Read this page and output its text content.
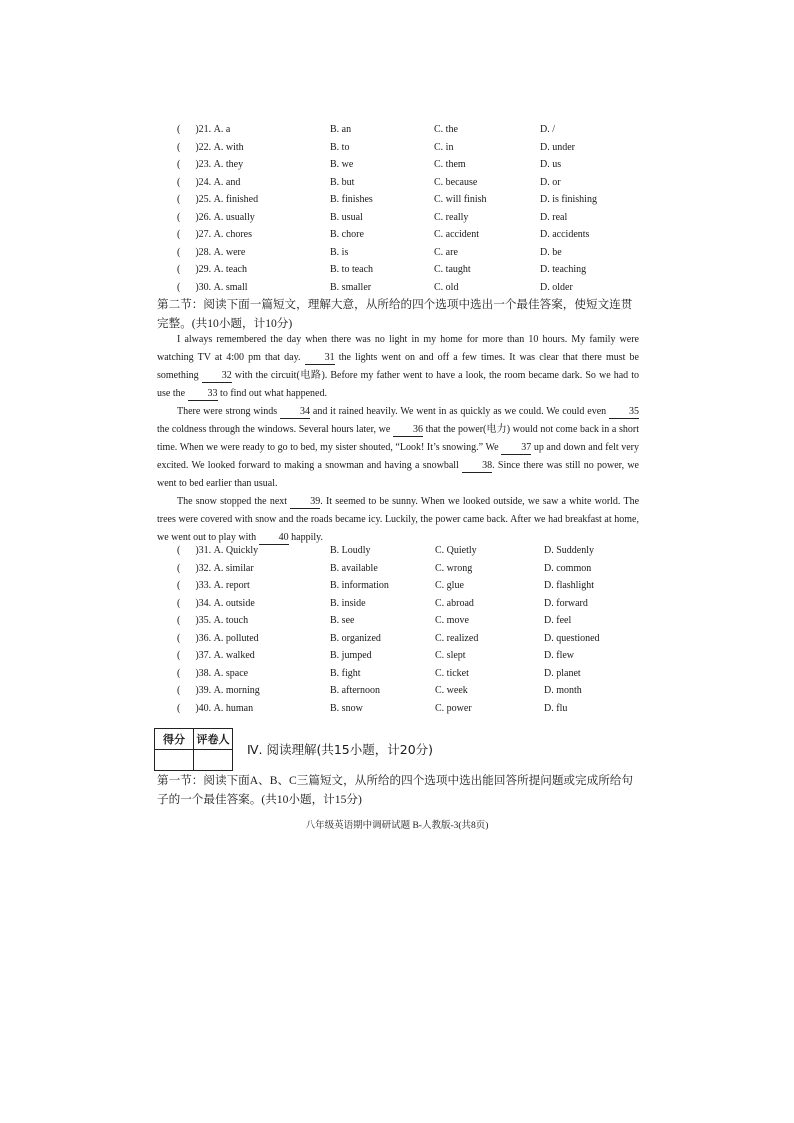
(      )21. A. a	B. an	C. the	D. /
(      )22. A. with	B. to	C. in	D. under
(      )23. A. they	B. we	C. them	D. us
(      )24. A. and	B. but	C. because	D. or
(      )25. A. finished	B. finishes	C. will finish	D. is finishing
(      )26. A. usually	B. usual	C. really	D. real
(      )27. A. chores	B. chore	C. accident	D. accidents
(      )28. A. were	B. is	C. are	D. be
(      )29. A. teach	B. to teach	C. taught	D. teaching
(      )30. A. small	B. smaller	C. old	D. older
第二节：阅读下面一篇短文，理解大意，从所给的四个选项中选出一个最佳答案，使短文连贯完整。(共10小题，计10分)

I always remembered the day when there was no light in my home for more than 10 hours. My family were watching TV at 4:00 pm that day. 31 the lights went on and off a few times. It was clear that there must be something 32 with the circuit(电路). Before my father went to have a look, the room became dark. So we had to use the 33 to find out what happened.

There were strong winds 34 and it rained heavily. We went in as quickly as we could. We could even 35 the coldness through the windows. Several hours later, we 36 that the power(电力) would not come back in a short time. When we were ready to go to bed, my sister shouted, “Look! It’s snowing.” We 37 up and down and felt very excited. We looked forward to making a snowman and having a snowball 38. Since there was still no power, we went to bed earlier than usual.

The snow stopped the next 39. It seemed to be sunny. When we looked outside, we saw a white world. The trees were covered with snow and the roads became icy. Luckily, the power came back. After we had breakfast at home, we went out to play with 40 happily.

(      )31. A. Quickly	B. Loudly	C. Quietly	D. Suddenly
(      )32. A. similar	B. available	C. wrong	D. common
(      )33. A. report	B. information	C. glue	D. flashlight
(      )34. A. outside	B. inside	C. abroad	D. forward
(      )35. A. touch	B. see	C. move	D. feel
(      )36. A. polluted	B. organized	C. realized	D. questioned
(      )37. A. walked	B. jumped	C. slept	D. flew
(      )38. A. space	B. fight	C. ticket	D. planet
(      )39. A. morning	B. afternoon	C. week	D. month
(      )40. A. human	B. snow	C. power	D. flu
得分	评卷人

Ⅳ. 阅读理解(共15小题，计20分)
第一节：阅读下面A、B、C三篇短文，从所给的四个选项中选出能回答所提问题或完成所给句子的一个最佳答案。(共10小题，计15分)
八年级英语期中调研试题 B-人教版-3(共8页)
